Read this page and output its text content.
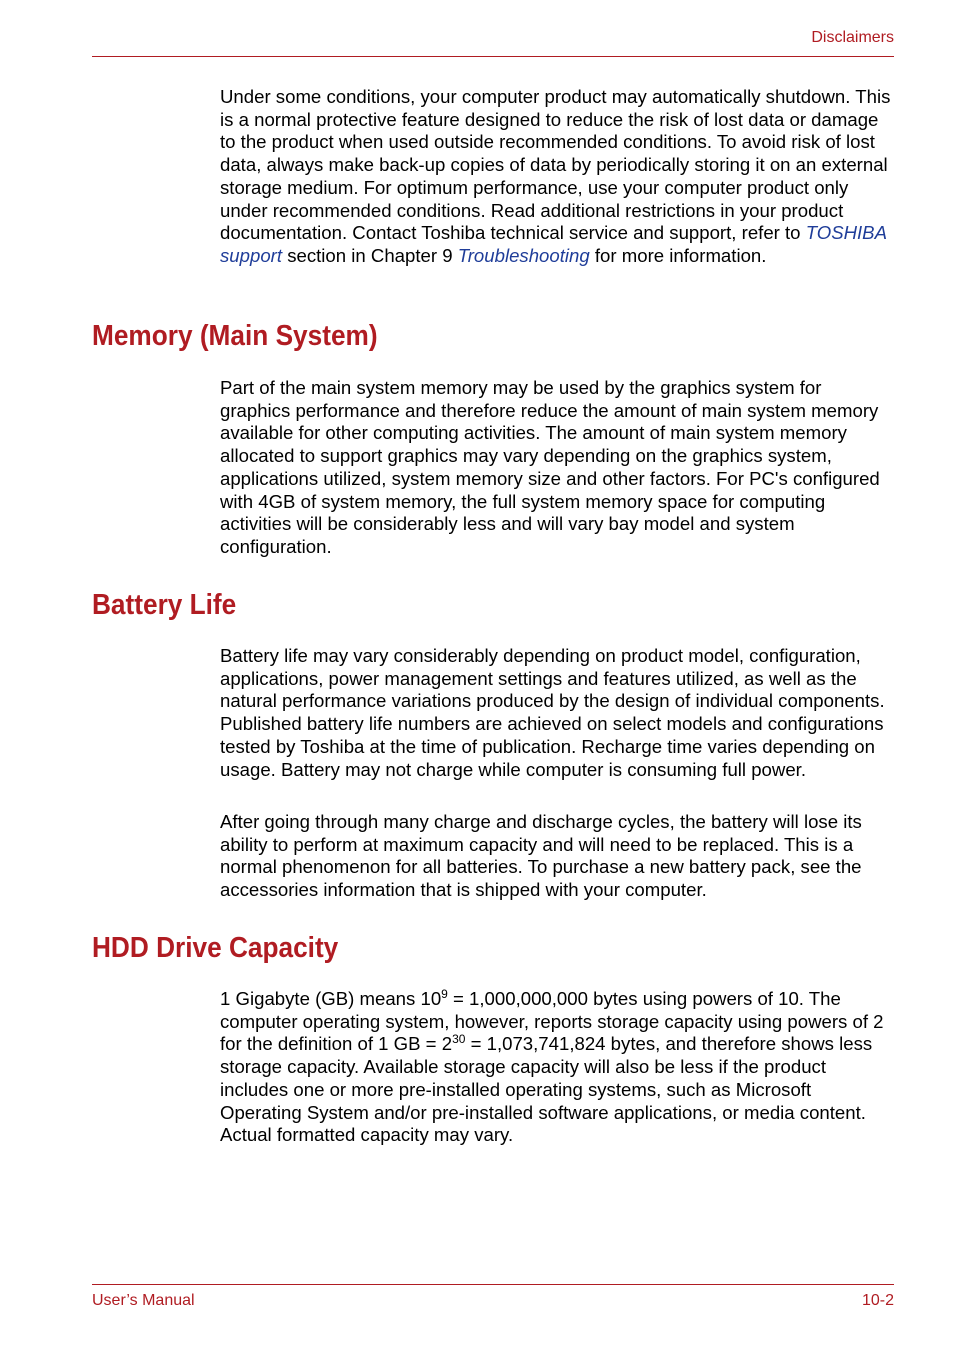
Disclaimers

Under some conditions, your computer product may automatically shutdown. This is a normal protective feature designed to reduce the risk of lost data or damage to the product when used outside recommended conditions. To avoid risk of lost data, always make back-up copies of data by periodically storing it on an external storage medium. For optimum performance, use your computer product only under recommended conditions. Read additional restrictions in your product documentation. Contact Toshiba technical service and support, refer to TOSHIBA support section in Chapter 9 Troubleshooting for more information.

Memory (Main System)

Part of the main system memory may be used by the graphics system for graphics performance and therefore reduce the amount of main system memory available for other computing activities. The amount of main system memory allocated to support graphics may vary depending on the graphics system, applications utilized, system memory size and other factors. For PC's configured with 4GB of system memory, the full system memory space for computing activities will be considerably less and will vary bay model and system configuration.

Battery Life

Battery life may vary considerably depending on product model, configuration, applications, power management settings and features utilized, as well as the natural performance variations produced by the design of individual components. Published battery life numbers are achieved on select models and configurations tested by Toshiba at the time of publication. Recharge time varies depending on usage. Battery may not charge while computer is consuming full power.

After going through many charge and discharge cycles, the battery will lose its ability to perform at maximum capacity and will need to be replaced. This is a normal phenomenon for all batteries. To purchase a new battery pack, see the accessories information that is shipped with your computer.

HDD Drive Capacity

1 Gigabyte (GB) means $10^9 = 1,000,000,000$ bytes using powers of 10. The computer operating system, however, reports storage capacity using powers of 2 for the definition of 1 GB = $2^{30} = 1,073,741,824$ bytes, and therefore shows less storage capacity. Available storage capacity will also be less if the product includes one or more pre-installed operating systems, such as Microsoft Operating System and/or pre-installed software applications, or media content. Actual formatted capacity may vary.

User’s Manual	10-2
